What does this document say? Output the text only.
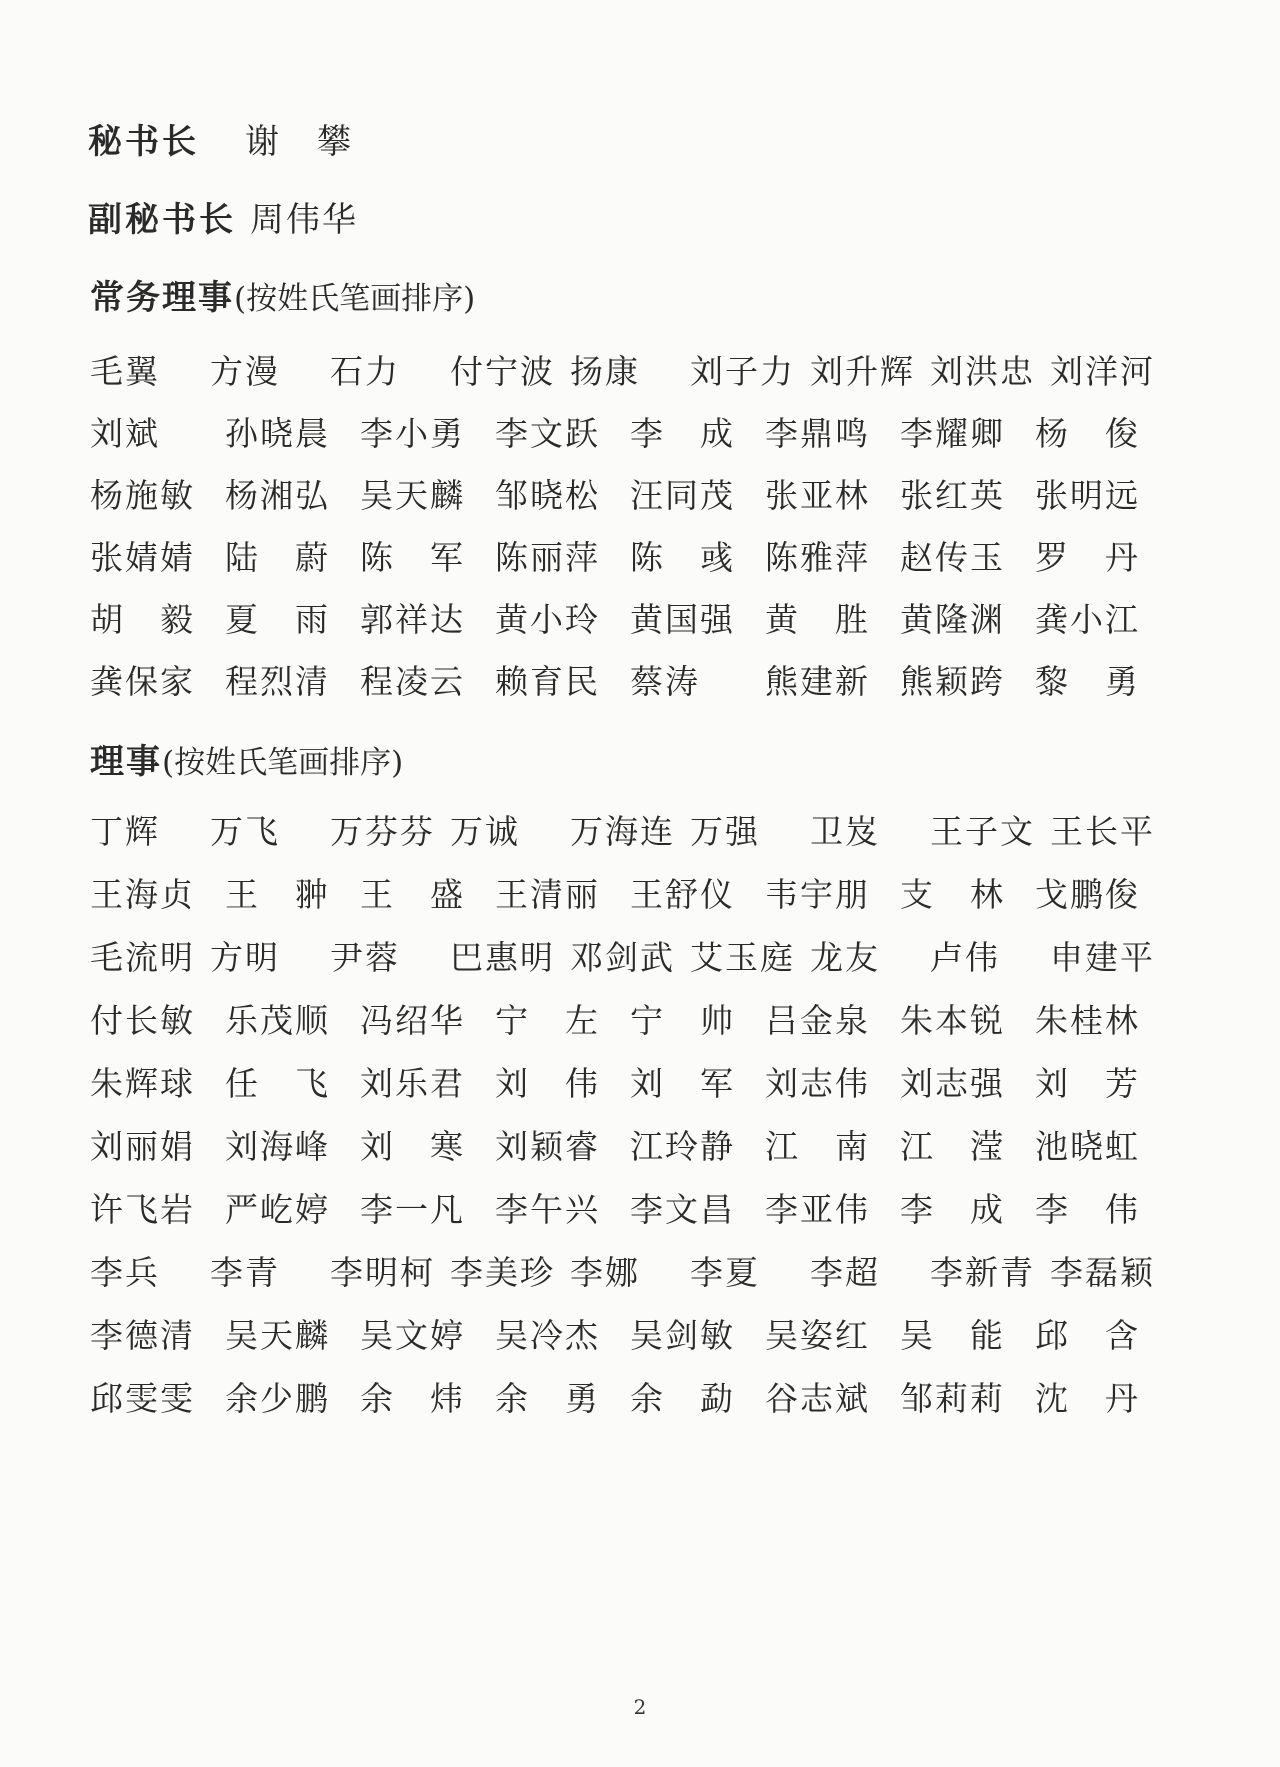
秘书长 谢　攀
副秘书长 周伟华
常务理事(按姓氏笔画排序)
毛翼 方漫 石力 付宁波 扬康 刘子力 刘升辉 刘洪忠 刘洋河
刘斌 孙晓晨 李小勇 李文跃 李　成 李鼎鸣 李耀卿 杨　俊
杨施敏 杨湘弘 吴天麟 邹晓松 汪同茂 张亚林 张红英 张明远
张婧婧 陆　蔚 陈　军 陈丽萍 陈　彧 陈雅萍 赵传玉 罗　丹
胡　毅 夏　雨 郭祥达 黄小玲 黄国强 黄　胜 黄隆渊 龚小江
龚保家 程烈清 程凌云 赖育民 蔡涛 熊建新 熊颖跨 黎　勇
理事(按姓氏笔画排序)
丁辉 万飞 万芬芬 万诚 万海连 万强 卫岌 王子文 王长平
王海贞 王　翀 王　盛 王清丽 王舒仪 韦宇朋 支　林 戈鹏俊
毛流明 方明 尹蓉 巴惠明 邓剑武 艾玉庭 龙友 卢伟 申建平
付长敏 乐茂顺 冯绍华 宁　左 宁　帅 吕金泉 朱本锐 朱桂林
朱辉球 任　飞 刘乐君 刘　伟 刘　军 刘志伟 刘志强 刘　芳
刘丽娟 刘海峰 刘　寒 刘颖睿 江玲静 江　南 江　滢 池晓虹
许飞岩 严屹婷 李一凡 李午兴 李文昌 李亚伟 李　成 李　伟
李兵 李青 李明柯 李美珍 李娜 李夏 李超 李新青 李磊颖
李德清 吴天麟 吴文婷 吴冷杰 吴剑敏 吴姿红 吴　能 邱　含
邱雯雯 余少鹏 余　炜 余　勇 余　勐 谷志斌 邹莉莉 沈　丹
2
